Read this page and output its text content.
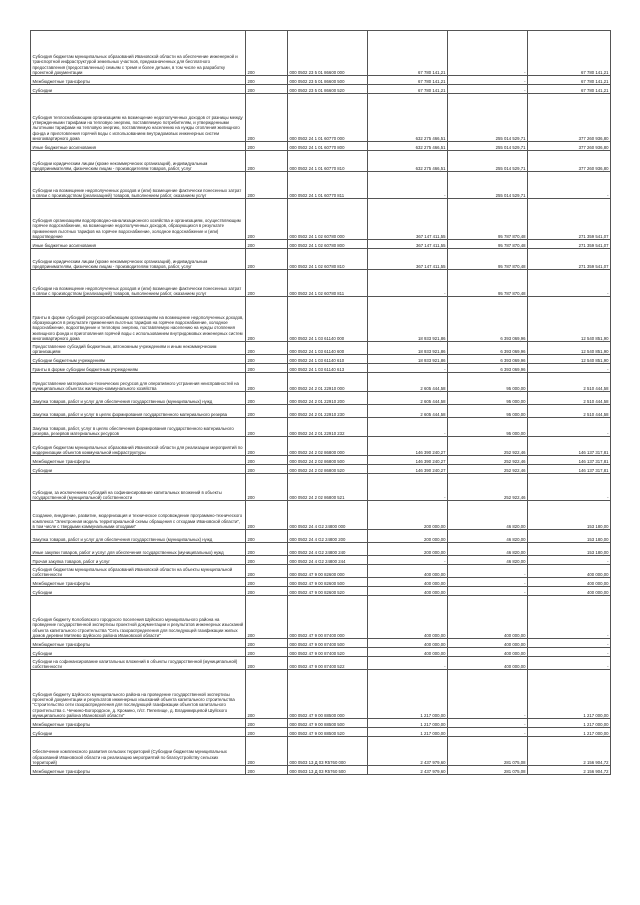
Субсидия бюджетам муниципальных образований Ивановской области на обеспечение инженерной и транспортной инфраструктурой земельных участков, предназначенных для бесплатного предоставления (предоставленных) семьям с тремя и более детьми, в том числе на разработку проектной документации	200	000 0502 23 5 01 86600 000	67 780 141,21	-	67 780 141,21
Межбюджетные трансферты	200	000 0502 23 5 01 86600 500	67 780 141,21	-	67 780 141,21
Субсидии	200	000 0502 23 5 01 86600 520	67 780 141,21	-	67 780 141,21
Субсидия теплоснабжающим организациям на возмещение недополученных доходов от разницы между утвержденными тарифами на тепловую энергию, поставляемую потребителям, и утвержденными льготными тарифами на тепловую энергию, поставляемую населению на нужды отопления жилищного фонда и приготовления горячей воды с использованием внутридомовых инженерных систем многоквартирного дома	200	000 0502 24 1 01 60770 000	632 275 466,51	255 014 529,71	377 260 936,80
Иные бюджетные ассигнования	200	000 0502 24 1 01 60770 800	632 275 466,51	255 014 529,71	377 260 936,80
Субсидии юридическим лицам (кроме некоммерческих организаций), индивидуальным предпринимателям, физическим лицам - производителям товаров, работ, услуг	200	000 0502 24 1 01 60770 810	632 275 466,51	255 014 529,71	377 260 936,80
Субсидии на возмещение недополученных доходов и (или) возмещение фактически понесенных затрат в связи с производством (реализацией) товаров, выполнением работ, оказанием услуг	200	000 0502 24 1 01 60770 811	-	255 014 529,71	-
Субсидия организациям водопроводно-канализационного хозяйства и организациям, осуществляющим горячее водоснабжение, на возмещение недополученных доходов, образующихся в результате применения льготных тарифов на горячее водоснабжение, холодное водоснабжение и (или) водоотведение	200	000 0502 24 1 02 60780 000	367 147 411,55	95 787 870,48	271 359 541,07
Иные бюджетные ассигнования	200	000 0502 24 1 02 60780 800	367 147 411,55	95 787 870,48	271 359 541,07
Субсидии юридическим лицам (кроме некоммерческих организаций), индивидуальным предпринимателям, физическим лицам - производителям товаров, работ, услуг	200	000 0502 24 1 02 60780 810	367 147 411,55	95 787 870,48	271 359 541,07
Субсидии на возмещение недополученных доходов и (или) возмещение фактически понесенных затрат в связи с производством (реализацией) товаров, выполнением работ, оказанием услуг	200	000 0502 24 1 02 60780 811	-	95 787 870,48	-
Гранты в форме субсидий ресурсоснабжающим организациям на возмещение недополученных доходов, образующихся в результате применения льготных тарифов на горячее водоснабжение, холодное водоснабжение, водоотведение и тепловую энергию, поставляемую населению на нужды отопления жилищного фонда и приготовления горячей воды с использованием внутридомовых инженерных систем многоквартирного дома	200	000 0502 24 1 03 61140 000	18 933 921,86	6 393 069,96	12 540 851,90
Предоставление субсидий бюджетным, автономным учреждениям и иным некоммерческим организациям	200	000 0502 24 1 03 61140 600	18 933 921,86	6 393 069,96	12 540 851,90
Субсидии бюджетным учреждениям	200	000 0502 24 1 03 61140 610	18 933 921,86	6 393 069,96	12 540 851,90
Гранты в форме субсидии бюджетным учреждениям	200	000 0502 24 1 03 61140 613	-	6 393 069,96	-
Предоставление материально-технических ресурсов для оперативного устранения неисправностей на муниципальных объектах жилищно-коммунального хозяйства	200	000 0502 24 2 01 22910 000	2 605 444,58	95 000,00	2 510 444,58
Закупка товаров, работ и услуг для обеспечения государственных (муниципальных) нужд	200	000 0502 24 2 01 22910 200	2 605 444,58	95 000,00	2 510 444,58
Закупка товаров, работ и услуг в целях формирования государственного материального резерва	200	000 0502 24 2 01 22910 230	2 605 444,58	95 000,00	2 510 444,58
Закупка товаров, работ, услуг в целях обеспечения формирования государственного материального резерва, резервов материальных ресурсов	200	000 0502 24 2 01 22910 232	-	95 000,00	-
Субсидия бюджетам муниципальных образований Ивановской области для реализации мероприятий по модернизации объектов коммунальной инфраструктуры	200	000 0502 24 2 02 86800 000	146 390 240,27	252 922,46	146 137 317,81
Межбюджетные трансферты	200	000 0502 24 2 02 86800 500	146 390 240,27	252 922,46	146 137 317,81
Субсидии	200	000 0502 24 2 02 86800 520	146 390 240,27	252 922,46	146 137 317,81
Субсидии, за исключением субсидий на софинансирование капитальных вложений в объекты государственной (муниципальной) собственности	200	000 0502 24 2 02 86800 521	-	252 922,46	-
Создание, внедрение, развитие, модернизация и техническое сопровождение программно-технического комплекса "Электронная модель территориальной схемы обращения с отходами Ивановской области", в том числе с твердыми коммунальными отходами"	200	000 0502 24 4 G2 24800 000	200 000,00	46 820,00	153 180,00
Закупка товаров, работ и услуг для обеспечения государственных (муниципальных) нужд	200	000 0502 24 4 G2 24800 200	200 000,00	46 820,00	153 180,00
Иные закупки товаров, работ и услуг для обеспечения государственных (муниципальных) нужд	200	000 0502 24 4 G2 24800 240	200 000,00	46 820,00	153 180,00
Прочая закупка товаров, работ и услуг	200	000 0502 24 4 G2 24800 244	-	46 820,00	-
Субсидия бюджетам муниципальных образований Ивановской области на объекты муниципальной собственности	200	000 0502 47 9 00 82600 000	400 000,00	-	400 000,00
Межбюджетные трансферты	200	000 0502 47 9 00 82600 500	400 000,00	-	400 000,00
Субсидии	200	000 0502 47 9 00 82600 520	400 000,00	-	400 000,00
Субсидия бюджету Колобовского городского поселения Шуйского муниципального района на проведение государственной экспертизы проектной документации и результатов инженерных изысканий объекта капитального строительства "Сеть газораспределения для последующей газификации жилых домов деревни Митяево Шуйского района Ивановской области"	200	000 0502 47 9 00 87400 000	400 000,00	400 000,00	-
Межбюджетные трансферты	200	000 0502 47 9 00 87400 500	400 000,00	400 000,00	-
Субсидии	200	000 0502 47 9 00 87400 520	400 000,00	400 000,00	-
Субсидии на софинансирование капитальных вложений в объекты государственной (муниципальной) собственности	200	000 0502 47 9 00 87400 522	-	400 000,00	-
Субсидия бюджету Шуйского муниципального района на проведение государственной экспертизы проектной документации и результатов инженерных изысканий объекта капитального строительства "Строительство сети газораспределения для последующей газификации объектов капитального строительства с. Чечкино-Богородское, д. Кромино, п/ст. Пепелище, д. Владимирцевой Шуйского муниципального района Ивановской области"	200	000 0502 47 9 00 88500 000	1 217 000,00	-	1 217 000,00
Межбюджетные трансферты	200	000 0502 47 9 00 88500 500	1 217 000,00	-	1 217 000,00
Субсидии	200	000 0502 47 9 00 88500 520	1 217 000,00	-	1 217 000,00
Обеспечение комплексного развития сельских территорий (Субсидии бюджетам муниципальных образований Ивановской области на реализацию мероприятий по благоустройству сельских территорий)	200	000 0503 13 Д 03 R5760 000	2 437 979,60	281 075,08	2 156 904,72
Межбюджетные трансферты	200	000 0503 13 Д 03 R5760 500	2 437 979,60	281 075,08	2 156 904,72
